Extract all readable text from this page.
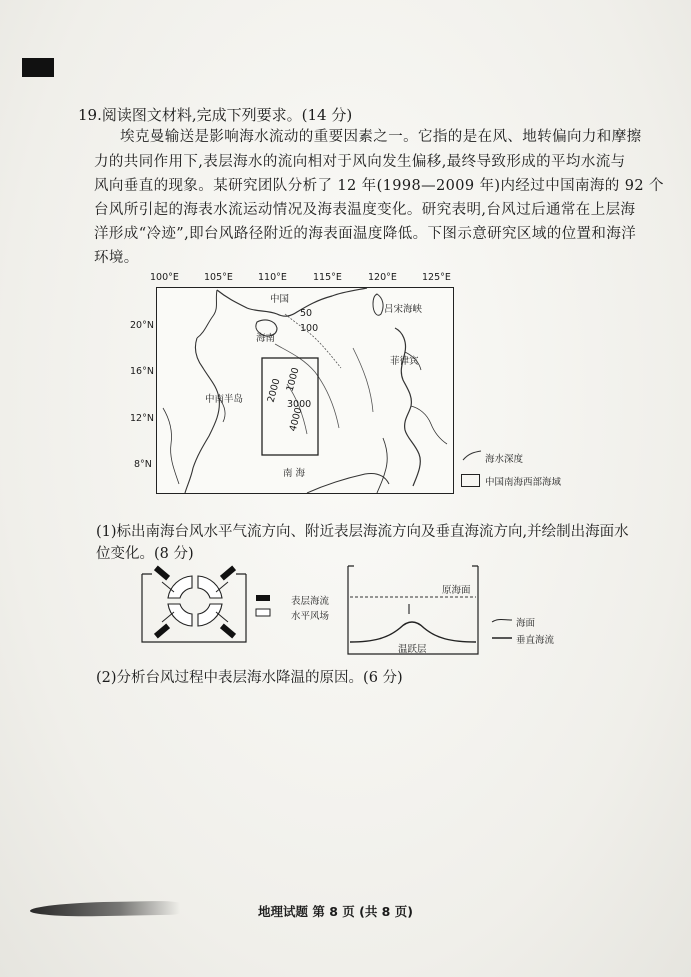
19.阅读图文材料,完成下列要求。(14 分)
埃克曼输送是影响海水流动的重要因素之一。它指的是在风、地转偏向力和摩擦
力的共同作用下,表层海水的流向相对于风向发生偏移,最终导致形成的平均水流与
风向垂直的现象。某研究团队分析了 12 年(1998—2009 年)内经过中国南海的 92 个
台风所引起的海表水流运动情况及海表温度变化。研究表明,台风过后通常在上层海
洋形成“冷迹”,即台风路径附近的海表面温度降低。下图示意研究区域的位置和海洋
环境。
100°E	105°E	110°E	115°E	120°E	125°E
20°N
16°N
12°N
8°N
中国
海南
吕宋海峡
菲律宾
中南半岛
南 海
50
100
1000
2000
3000
4000
海水深度
中国南海西部海域
(1)标出南海台风水平气流方向、附近表层海流方向及垂直海流方向,并绘制出海面水
位变化。(8 分)
表层海流
水平风场
原海面
温跃层
海面
垂直海流
(2)分析台风过程中表层海水降温的原因。(6 分)
地理试题 第 8 页 (共 8 页)
